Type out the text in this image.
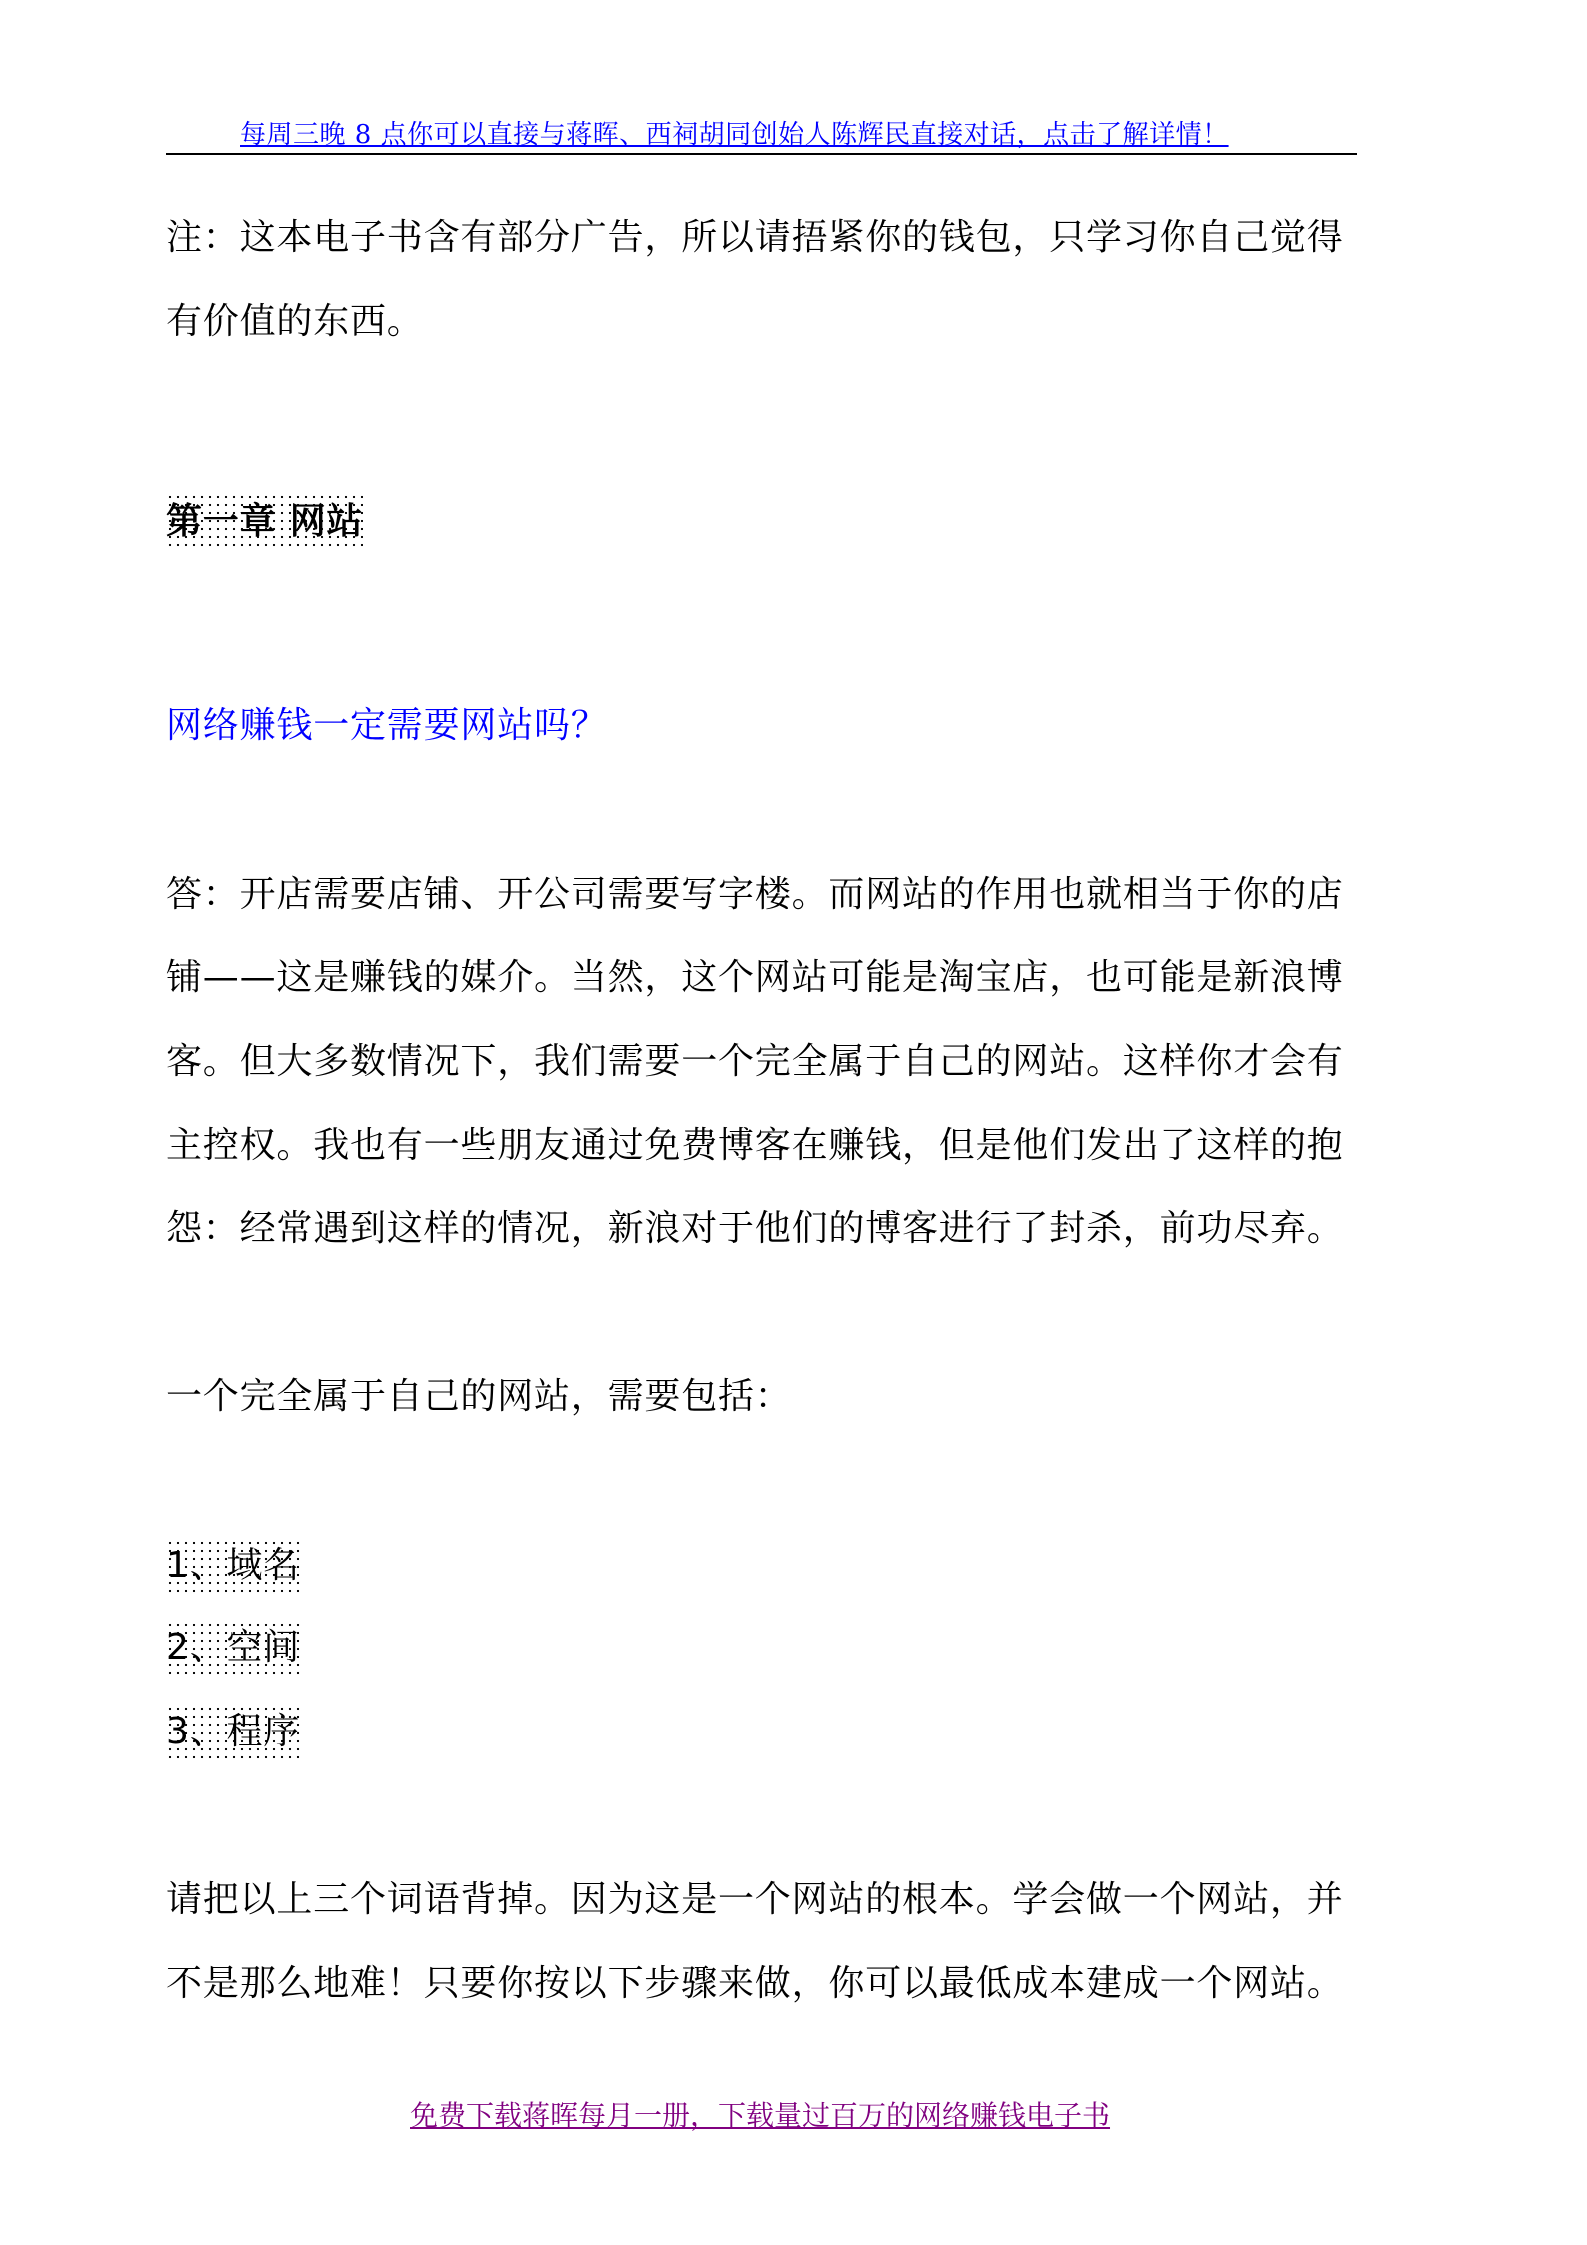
每周三晚 8 点你可以直接与蒋晖、西祠胡同创始人陈辉民直接对话，点击了解详情！
注：这本电子书含有部分广告，所以请捂紧你的钱包，只学习你自己觉得
有价值的东西。
第一章 网站
网络赚钱一定需要网站吗？
答：开店需要店铺、开公司需要写字楼。而网站的作用也就相当于你的店
铺——这是赚钱的媒介。当然，这个网站可能是淘宝店，也可能是新浪博
客。但大多数情况下，我们需要一个完全属于自己的网站。这样你才会有
主控权。我也有一些朋友通过免费博客在赚钱，但是他们发出了这样的抱
怨：经常遇到这样的情况，新浪对于他们的博客进行了封杀，前功尽弃。
一个完全属于自己的网站，需要包括：
1、域名
2、空间
3、程序
请把以上三个词语背掉。因为这是一个网站的根本。学会做一个网站，并
不是那么地难！只要你按以下步骤来做，你可以最低成本建成一个网站。
免费下载蒋晖每月一册，下载量过百万的网络赚钱电子书
